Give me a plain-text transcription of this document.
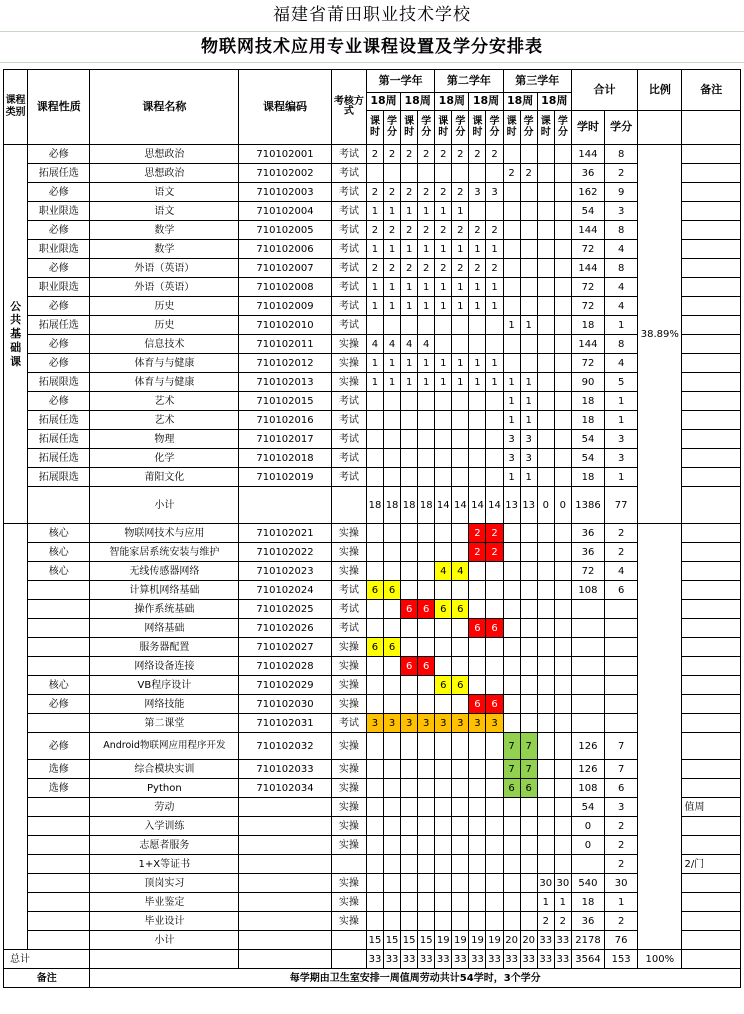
福建省莆田职业技术学校
物联网技术应用专业课程设置及学分安排表
课程类别	课程性质	课程名称	课程编码	考核方式	第一学年				第二学年				第三学年				合计		比例	备注
					18周		18周		18周		18周		18周		18周					
					课时	学分	课时	学分	课时	学分	课时	学分	课时	学分	课时	学分	学时	学分		
公共基础课	必修	思想政治	710102001	考试	2	2	2	2	2	2	2	2					144	8	38.89%	
	拓展任选	思想政治	710102002	考试									2	2			36	2		
	必修	语文	710102003	考试	2	2	2	2	2	2	3	3					162	9		
	职业限选	语文	710102004	考试	1	1	1	1	1	1							54	3		
	必修	数学	710102005	考试	2	2	2	2	2	2	2	2					144	8		
	职业限选	数学	710102006	考试	1	1	1	1	1	1	1	1					72	4		
	必修	外语（英语）	710102007	考试	2	2	2	2	2	2	2	2					144	8		
	职业限选	外语（英语）	710102008	考试	1	1	1	1	1	1	1	1					72	4		
	必修	历史	710102009	考试	1	1	1	1	1	1	1	1					72	4		
	拓展任选	历史	710102010	考试									1	1			18	1		
	必修	信息技术	710102011	实操	4	4	4	4									144	8		
	必修	体育与与健康	710102012	实操	1	1	1	1	1	1	1	1					72	4		
	拓展限选	体育与与健康	710102013	实操	1	1	1	1	1	1	1	1	1	1			90	5		
	必修	艺术	710102015	考试									1	1			18	1		
	拓展任选	艺术	710102016	考试									1	1			18	1		
	拓展任选	物理	710102017	考试									3	3			54	3		
	拓展任选	化学	710102018	考试									3	3			54	3		
	拓展限选	莆阳文化	710102019	考试									1	1			18	1		
		小计			18	18	18	18	14	14	14	14	13	13	0	0	1386	77		
	核心	物联网技术与应用	710102021	实操							2	2					36	2		
	核心	智能家居系统安装与维护	710102022	实操							2	2					36	2		
	核心	无线传感器网络	710102023	实操					4	4							72	4		
		计算机网络基础	710102024	考试	6	6											108	6		
		操作系统基础	710102025	考试			6	6	6	6										
		网络基础	710102026	考试							6	6								
		服务器配置	710102027	实操	6	6														
		网络设备连接	710102028	实操			6	6												
	核心	VB程序设计	710102029	实操					6	6										
	必修	网络技能	710102030	实操							6	6								
		第二课堂	710102031	考试	3	3	3	3	3	3	3	3								
	必修	Android物联网应用程序开发	710102032	实操									7	7			126	7		
	选修	综合模块实训	710102033	实操									7	7			126	7		
	选修	Python	710102034	实操									6	6			108	6		
		劳动		实操													54	3		值周
		入学训练		实操													0	2		
		志愿者服务		实操													0	2		
		1+X等证书																2		2/门
		顶岗实习		实操											30	30	540	30		
		毕业鉴定		实操											1	1	18	1		
		毕业设计		实操											2	2	36	2		
		小计			15	15	15	15	19	19	19	19	20	20	33	33	2178	76		
总计					33	33	33	33	33	33	33	33	33	33	33	33	3564	153	100%	
备注		每学期由卫生室安排一周值周劳动共计54学时，3个学分																		
